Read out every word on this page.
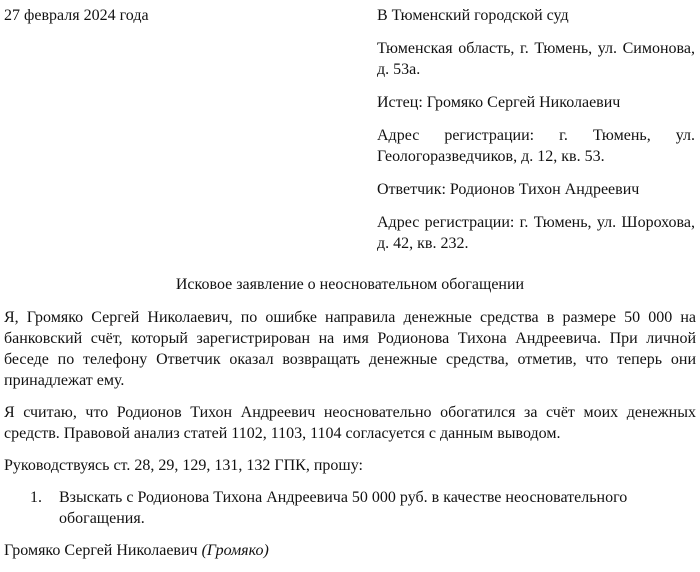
27 февраля 2024 года	В Тюменский городской суд

Тюменская область, г. Тюмень, ул. Симонова, д. 53а.

Истец: Громяко Сергей Николаевич

Адрес регистрации: г. Тюмень, ул. Геологоразведчиков, д. 12, кв. 53.

Ответчик: Родионов Тихон Андреевич

Адрес регистрации: г. Тюмень, ул. Шорохова, д. 42, кв. 232.

Исковое заявление о неосновательном обогащении

Я, Громяко Сергей Николаевич, по ошибке направила денежные средства в размере 50 000 на банковский счёт, который зарегистрирован на имя Родионова Тихона Андреевича. При личной беседе по телефону Ответчик оказал возвращать денежные средства, отметив, что теперь они принадлежат ему.

Я считаю, что Родионов Тихон Андреевич неосновательно обогатился за счёт моих денежных средств. Правовой анализ статей 1102, 1103, 1104 согласуется с данным выводом.

Руководствуясь ст. 28, 29, 129, 131, 132 ГПК, прошу:

1. Взыскать с Родионова Тихона Андреевича 50 000 руб. в качестве неосновательного обогащения.
Громяко Сергей Николаевич (Громяко)
